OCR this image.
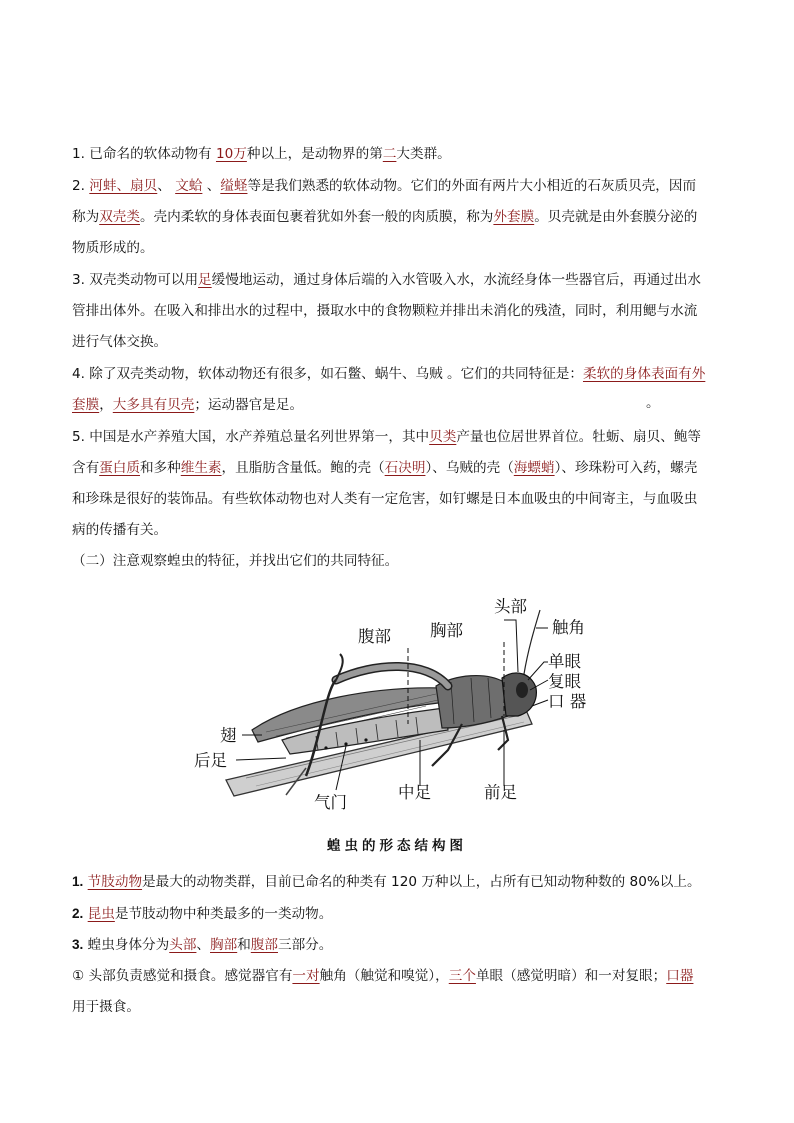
1. 已命名的软体动物有 10万种以上，是动物界的第二大类群。

2. 河蚌、扇贝、 文蛤 、缢蛏等是我们熟悉的软体动物。它们的外面有两片大小相近的石灰质贝壳，因而
称为双壳类。壳内柔软的身体表面包裹着犹如外套一般的肉质膜，称为外套膜。贝壳就是由外套膜分泌的
物质形成的。

3. 双壳类动物可以用足缓慢地运动，通过身体后端的入水管吸入水，水流经身体一些器官后，再通过出水
管排出体外。在吸入和排出水的过程中，摄取水中的食物颗粒并排出未消化的残渣，同时，利用鳃与水流
进行气体交换。

4. 除了双壳类动物，软体动物还有很多，如石鳖、蜗牛、乌贼 。它们的共同特征是：柔软的身体表面有外
套膜，大多具有贝壳；运动器官是足。	。

5. 中国是水产养殖大国，水产养殖总量名列世界第一，其中贝类产量也位居世界首位。牡蛎、扇贝、鲍等
含有蛋白质和多种维生素，且脂肪含量低。鲍的壳（石决明）、乌贼的壳（海螵蛸）、珍珠粉可入药，螺壳
和珍珠是很好的装饰品。有些软体动物也对人类有一定危害，如钉螺是日本血吸虫的中间寄主，与血吸虫
病的传播有关。

（二）注意观察蝗虫的特征，并找出它们的共同特征。

腹部 胸部
头部
触角
单眼
复眼
口 器
翅
后足
气门
中足	前足
蝗虫的形态结构图

1. 节肢动物是最大的动物类群，目前已命名的种类有 120 万种以上，占所有已知动物种数的 80%以上。

2. 昆虫是节肢动物中种类最多的一类动物。

3. 蝗虫身体分为头部、胸部和腹部三部分。

① 头部负责感觉和摄食。感觉器官有一对触角（触觉和嗅觉），三个单眼（感觉明暗）和一对复眼；口器
用于摄食。
